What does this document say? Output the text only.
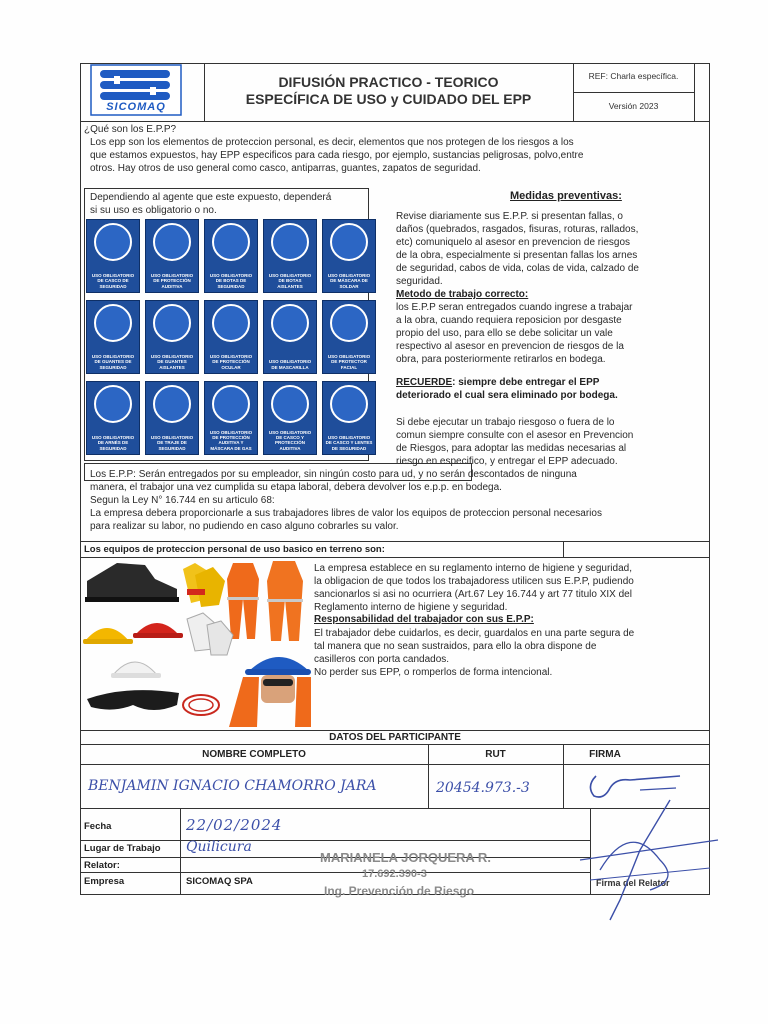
SICOMAQ
DIFUSIÓN PRACTICO - TEORICO
ESPECÍFICA DE USO y CUIDADO DEL EPP
REF: Charla específica.
Versión 2023
¿Qué son los E.P.P?
Los epp son los elementos de proteccion personal, es decir, elementos que nos protegen de los riesgos a los
que estamos expuestos, hay EPP especificos para cada riesgo, por ejemplo, sustancias peligrosas, polvo,entre
otros. Hay otros de uso general como casco, antiparras, guantes, zapatos de seguridad.
Dependiendo al agente que este expuesto, dependerá
si su uso es obligatorio o no.
USO OBLIGATORIO DE CASCO DE SEGURIDAD
USO OBLIGATORIO DE PROTECCIÓN AUDITIVA
USO OBLIGATORIO DE BOTAS DE SEGURIDAD
USO OBLIGATORIO DE BOTAS AISLANTES
USO OBLIGATORIO DE MÁSCARA DE SOLDAR
USO OBLIGATORIO DE GUANTES DE SEGURIDAD
USO OBLIGATORIO DE GUANTES AISLANTES
USO OBLIGATORIO DE PROTECCIÓN OCULAR
USO OBLIGATORIO DE MASCARILLA
USO OBLIGATORIO DE PROTECTOR FACIAL
USO OBLIGATORIO DE ARNÉS DE SEGURIDAD
USO OBLIGATORIO DE TRAJE DE SEGURIDAD
USO OBLIGATORIO DE PROTECCIÓN AUDITIVA Y MÁSCARA DE GAS
USO OBLIGATORIO DE CASCO Y PROTECCIÓN AUDITIVA
USO OBLIGATORIO DE CASCO Y LENTES DE SEGURIDAD
Medidas preventivas:
Revise diariamente sus E.P.P. si presentan fallas, o
daños (quebrados, rasgados, fisuras, roturas, rallados,
etc) comuniquelo al asesor en prevencion de riesgos
de la obra, especialmente si presentan fallas los arnes
de seguridad, cabos de vida, colas de vida, calzado de
seguridad.
Metodo de trabajo correcto:
los E.P.P seran entregados cuando ingrese a trabajar
a la obra, cuando requiera reposicion por desgaste
propio del uso, para ello se debe solicitar un vale
respectivo al asesor en prevencion de riesgos de la
obra, para posteriormente retirarlos en bodega.
RECUERDE: siempre debe entregar el EPP
deteriorado el cual sera eliminado por bodega.
Si debe ejecutar un trabajo riesgoso o fuera de lo
comun siempre consulte con el asesor en Prevencion
de Riesgos, para adoptar las medidas necesarias al
riesgo en especifico, y entregar el EPP adecuado.
Los E.P.P: Serán entregados por su empleador, sin ningún costo para ud, y no serán descontados de ninguna
manera, el trabajor una vez cumplida su etapa laboral, debera devolver los e.p.p. en bodega.
Segun la Ley N° 16.744 en su articulo 68:
La empresa debera proporcionarle a sus trabajadores libres de valor los equipos de proteccion personal necesarios
para realizar su labor, no pudiendo en caso alguno cobrarles su valor.
Los equipos de proteccion personal de uso basico en terreno son:
La empresa establece en su reglamento interno de higiene y seguridad,
la obligacion de que todos los trabajadoress utilicen sus E.P.P, pudiendo
sancionarlos si asi no ocurriera (Art.67 Ley 16.744 y art 77 titulo XIX del
Reglamento interno de higiene y seguridad.
Responsabilidad del trabajador con sus E.P.P:
El trabajador debe cuidarlos, es decir, guardalos en una parte segura de
tal manera que no sean sustraidos, para ello la obra dispone de
casilleros con porta candados.
No perder sus EPP, o romperlos de forma intencional.
DATOS DEL PARTICIPANTE
NOMBRE COMPLETO	RUT	FIRMA
BENJAMIN IGNACIO CHAMORRO JARA	20454.973.-3
Fecha	22/02/2024
Lugar de Trabajo Quilicura
Relator:
Empresa	SICOMAQ SPA
MARIANELA JORQUERA R.
17.692.390-3
Ing. Prevención de Riesgo
Firma del Relator
